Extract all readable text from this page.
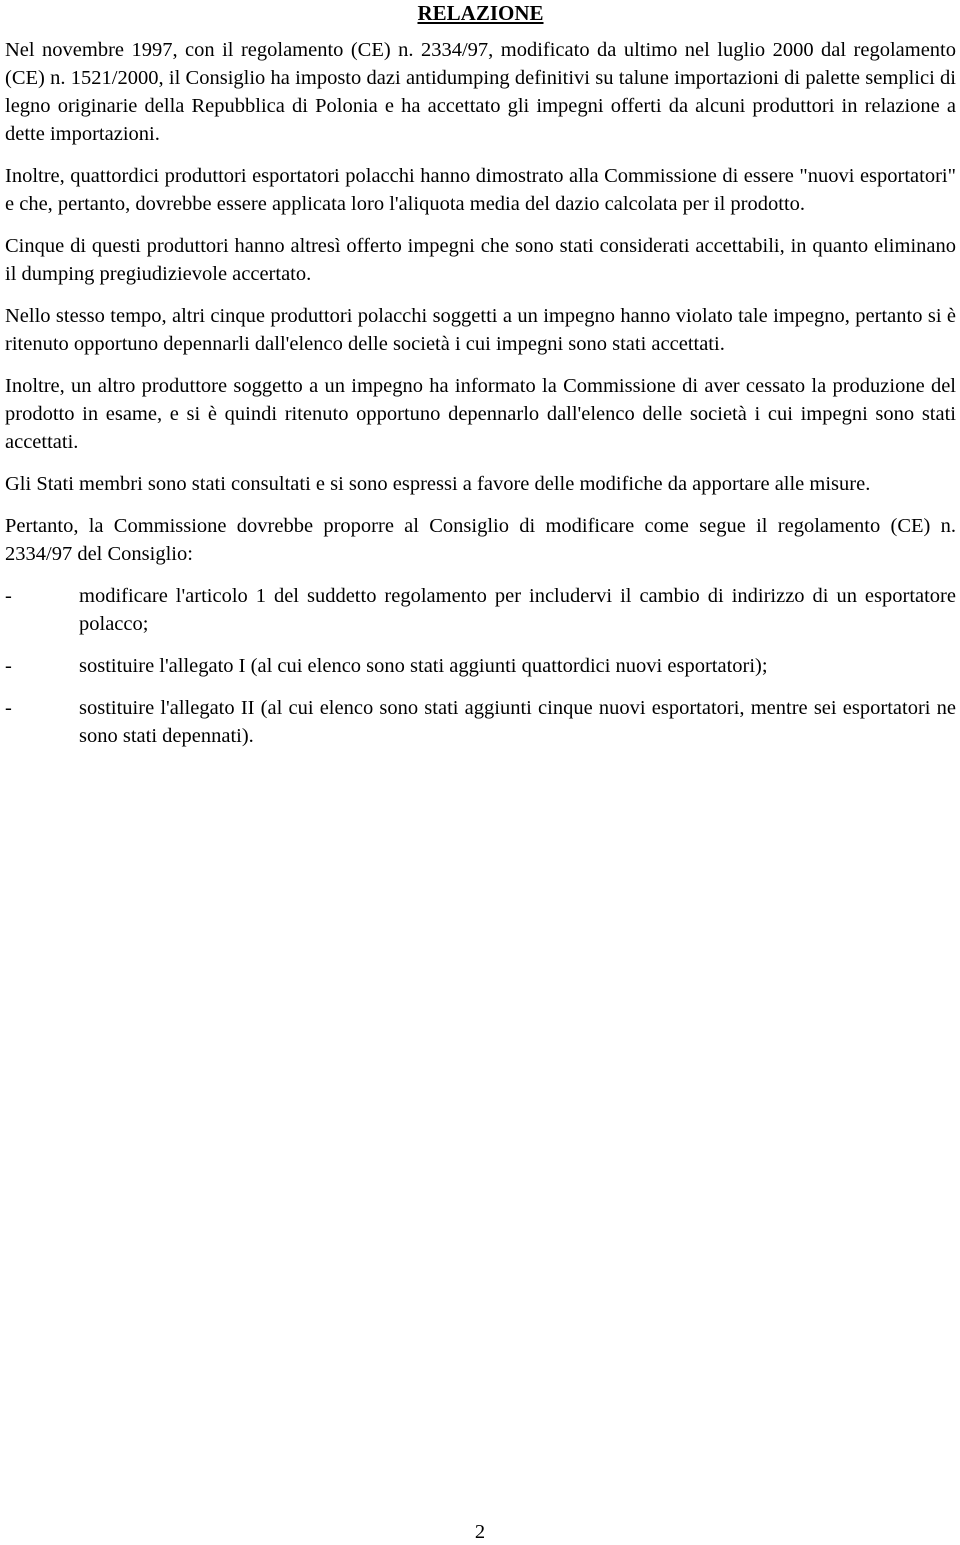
RELAZIONE

Nel novembre 1997, con il regolamento (CE) n. 2334/97, modificato da ultimo nel luglio 2000 dal regolamento (CE) n. 1521/2000, il Consiglio ha imposto dazi antidumping definitivi su talune importazioni di palette semplici di legno originarie della Repubblica di Polonia e ha accettato gli impegni offerti da alcuni produttori in relazione a dette importazioni.

Inoltre, quattordici produttori esportatori polacchi hanno dimostrato alla Commissione di essere "nuovi esportatori" e che, pertanto, dovrebbe essere applicata loro l'aliquota media del dazio calcolata per il prodotto.

Cinque di questi produttori hanno altresì offerto impegni che sono stati considerati accettabili, in quanto eliminano il dumping pregiudizievole accertato.

Nello stesso tempo, altri cinque produttori polacchi soggetti a un impegno hanno violato tale impegno, pertanto si è ritenuto opportuno depennarli dall'elenco delle società i cui impegni sono stati accettati.

Inoltre, un altro produttore soggetto a un impegno ha informato la Commissione di aver cessato la produzione del prodotto in esame, e si è quindi ritenuto opportuno depennarlo dall'elenco delle società i cui impegni sono stati accettati.

Gli Stati membri sono stati consultati e si sono espressi a favore delle modifiche da apportare alle misure.

Pertanto, la Commissione dovrebbe proporre al Consiglio di modificare come segue il regolamento (CE) n. 2334/97 del Consiglio:

-	modificare l'articolo 1 del suddetto regolamento per includervi il cambio di indirizzo di un esportatore polacco;
-	sostituire l'allegato I (al cui elenco sono stati aggiunti quattordici nuovi esportatori);
-	sostituire l'allegato II (al cui elenco sono stati aggiunti cinque nuovi esportatori, mentre sei esportatori ne sono stati depennati).
2
